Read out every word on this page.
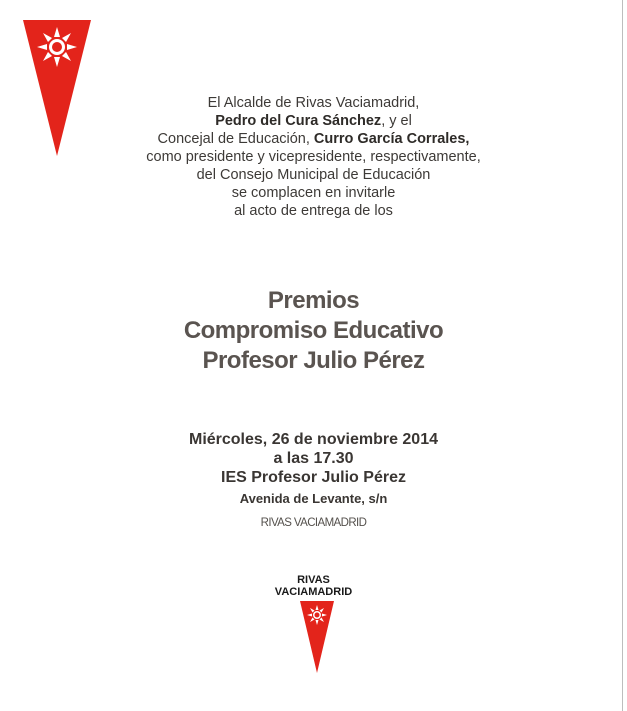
El Alcalde de Rivas Vaciamadrid,
Pedro del Cura Sánchez, y el
Concejal de Educación, Curro García Corrales,
como presidente y vicepresidente, respectivamente,
del Consejo Municipal de Educación
se complacen en invitarle
al acto de entrega de los
Premios
Compromiso Educativo
Profesor Julio Pérez
Miércoles, 26 de noviembre 2014
a las 17.30
IES Profesor Julio Pérez
Avenida de Levante, s/n
RIVAS VACIAMADRID
RIVAS
VACIAMADRID
